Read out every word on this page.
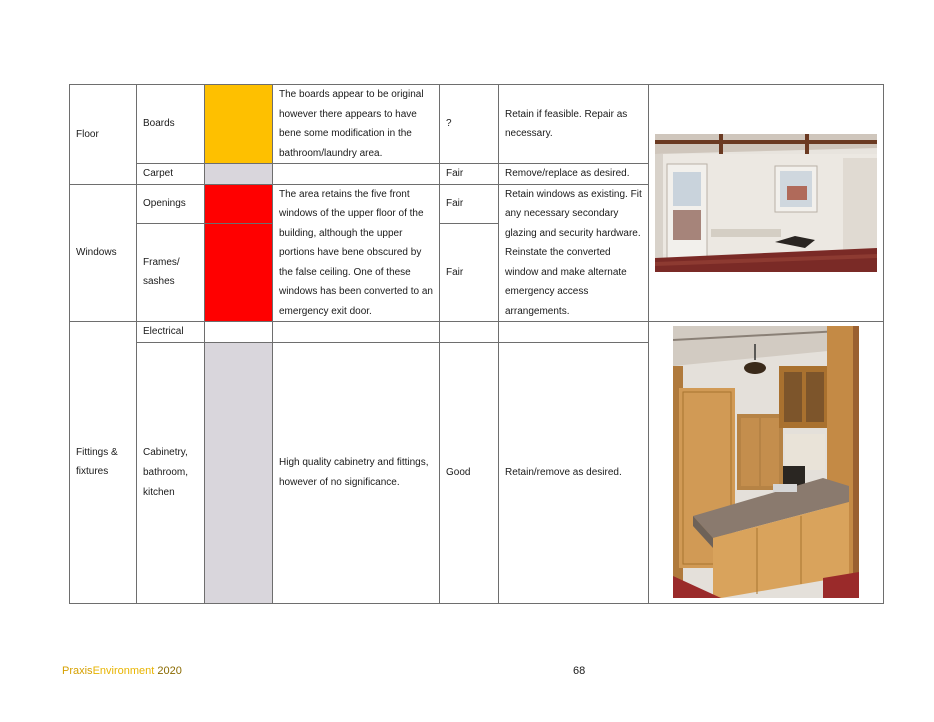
Floor	Boards		The boards appear to be original however there appears to have bene some modification in the bathroom/laundry area.	?	Retain if feasible. Repair as necessary.	

	Carpet			Fair	Remove/replace as desired.	
Windows	Openings		The area retains the five front windows of the upper floor of the building, although the upper portions have bene obscured by the false ceiling. One of these windows has been converted to an emergency exit door.	Fair	Retain windows as existing. Fit any necessary secondary glazing and security hardware. Reinstate the converted window and make alternate emergency access arrangements.	
	Frames/ sashes			Fair		
Fittings & fixtures	Electrical					

	Cabinetry, bathroom, kitchen		High quality cabinetry and fittings, however of no significance.	Good	Retain/remove as desired.	
PraxisEnvironment 2020	68
